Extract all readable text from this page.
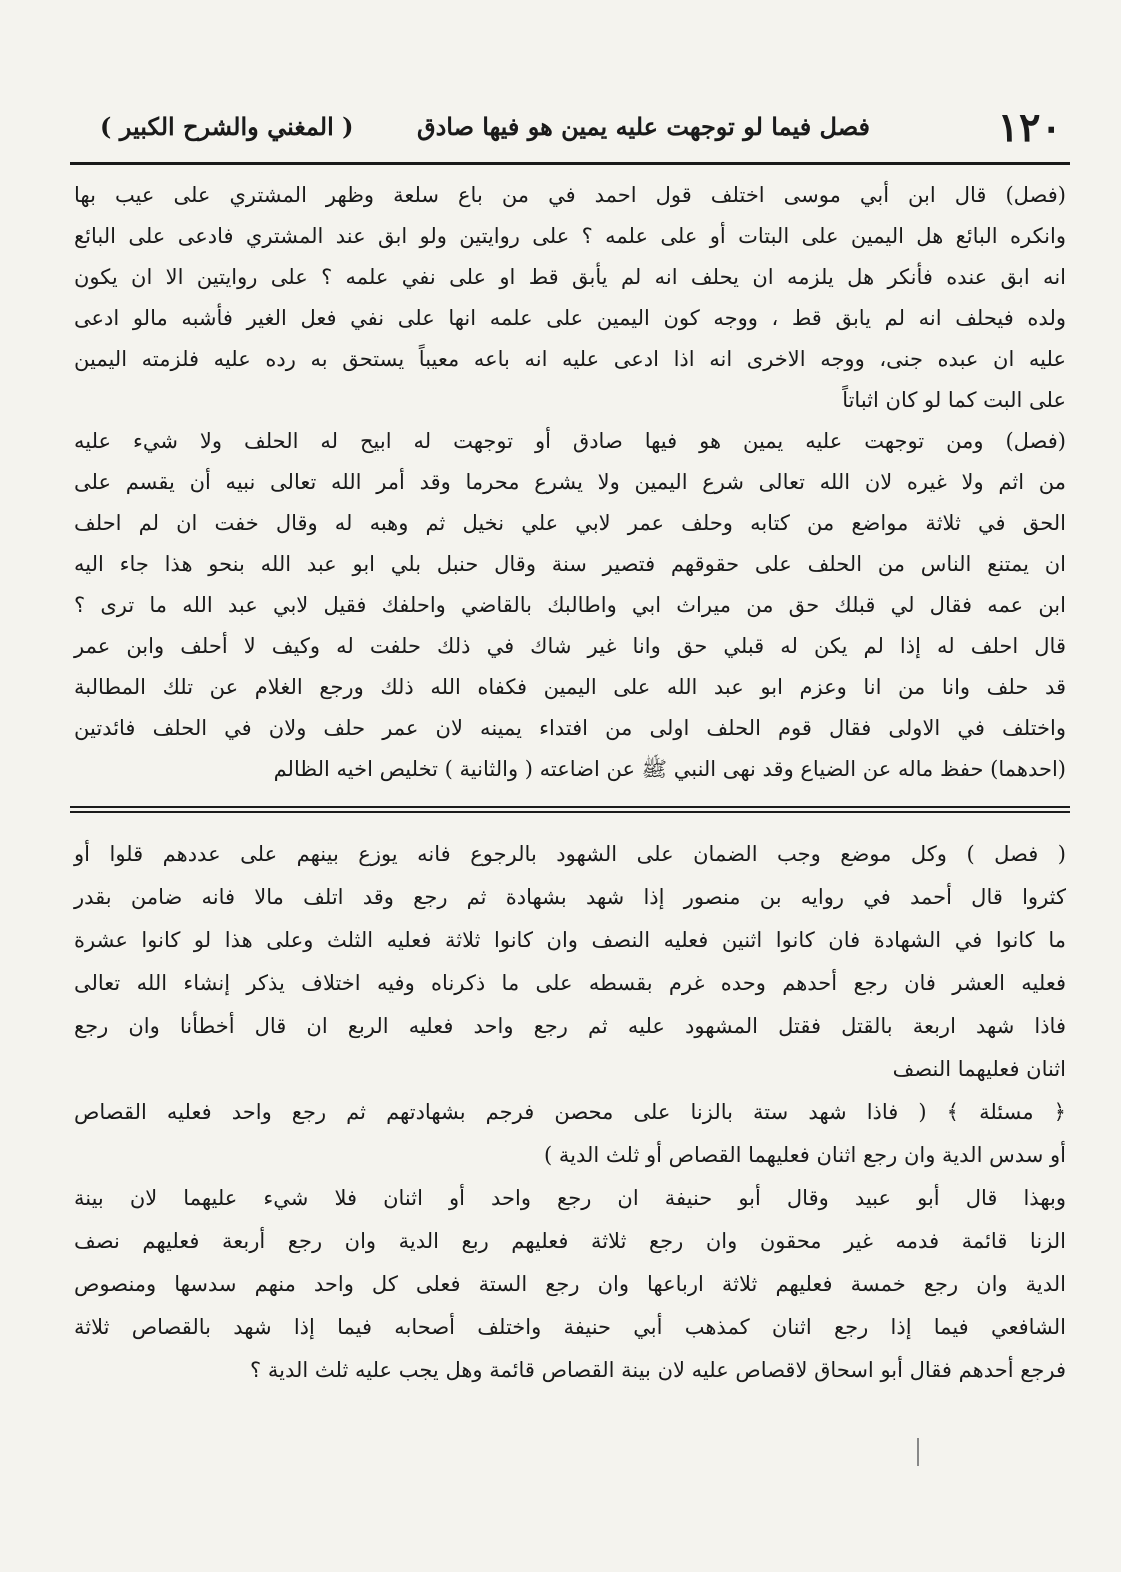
١٢٠
فصل فيما لو توجهت عليه يمين هو فيها صادق
( المغني والشرح الكبير )
(فصل) قال ابن أبي موسى اختلف قول احمد في من باع سلعة وظهر المشتري على عيب بها
وانكره البائع هل اليمين على البتات أو على علمه ؟ على روايتين ولو ابق عند المشتري فادعى على البائع
انه ابق عنده فأنكر هل يلزمه ان يحلف انه لم يأبق قط او على نفي علمه ؟ على روايتين الا ان يكون
ولده فيحلف انه لم يابق قط ، ووجه كون اليمين على علمه انها على نفي فعل الغير فأشبه مالو ادعى
عليه ان عبده جنى، ووجه الاخرى انه اذا ادعى عليه انه باعه معيباً يستحق به رده عليه فلزمته اليمين
على البت كما لو كان اثباتاً
(فصل) ومن توجهت عليه يمين هو فيها صادق أو توجهت له ابيح له الحلف ولا شيء عليه
من اثم ولا غيره لان الله تعالى شرع اليمين ولا يشرع محرما وقد أمر الله تعالى نبيه أن يقسم على
الحق في ثلاثة مواضع من كتابه وحلف عمر لابي علي نخيل ثم وهبه له وقال خفت ان لم احلف
ان يمتنع الناس من الحلف على حقوقهم فتصير سنة وقال حنبل بلي ابو عبد الله بنحو هذا جاء اليه
ابن عمه فقال لي قبلك حق من ميراث ابي واطالبك بالقاضي واحلفك فقيل لابي عبد الله ما ترى ؟
قال احلف له إذا لم يكن له قبلي حق وانا غير شاك في ذلك حلفت له وكيف لا أحلف وابن عمر
قد حلف وانا من انا وعزم ابو عبد الله على اليمين فكفاه الله ذلك ورجع الغلام عن تلك المطالبة
واختلف في الاولى فقال قوم الحلف اولى من افتداء يمينه لان عمر حلف ولان في الحلف فائدتين
(احدهما) حفظ ماله عن الضياع وقد نهى النبي ﷺ عن اضاعته ( والثانية ) تخليص اخيه الظالم
( فصل ) وكل موضع وجب الضمان على الشهود بالرجوع فانه يوزع بينهم على عددهم قلوا أو
كثروا قال أحمد في روايه بن منصور إذا شهد بشهادة ثم رجع وقد اتلف مالا فانه ضامن بقدر
ما كانوا في الشهادة فان كانوا اثنين فعليه النصف وان كانوا ثلاثة فعليه الثلث وعلى هذا لو كانوا عشرة
فعليه العشر فان رجع أحدهم وحده غرم بقسطه على ما ذكرناه وفيه اختلاف يذكر إنشاء الله تعالى
فاذا شهد اربعة بالقتل فقتل المشهود عليه ثم رجع واحد فعليه الربع ان قال أخطأنا وان رجع
اثنان فعليهما النصف
﴿ مسئلة ﴾ ( فاذا شهد ستة بالزنا على محصن فرجم بشهادتهم ثم رجع واحد فعليه القصاص
أو سدس الدية وان رجع اثنان فعليهما القصاص أو ثلث الدية )
وبهذا قال أبو عبيد وقال أبو حنيفة ان رجع واحد أو اثنان فلا شيء عليهما لان بينة
الزنا قائمة فدمه غير محقون وان رجع ثلاثة فعليهم ربع الدية وان رجع أربعة فعليهم نصف
الدية وان رجع خمسة فعليهم ثلاثة ارباعها وان رجع الستة فعلى كل واحد منهم سدسها ومنصوص
الشافعي فيما إذا رجع اثنان كمذهب أبي حنيفة واختلف أصحابه فيما إذا شهد بالقصاص ثلاثة
فرجع أحدهم فقال أبو اسحاق لاقصاص عليه لان بينة القصاص قائمة وهل يجب عليه ثلث الدية ؟
